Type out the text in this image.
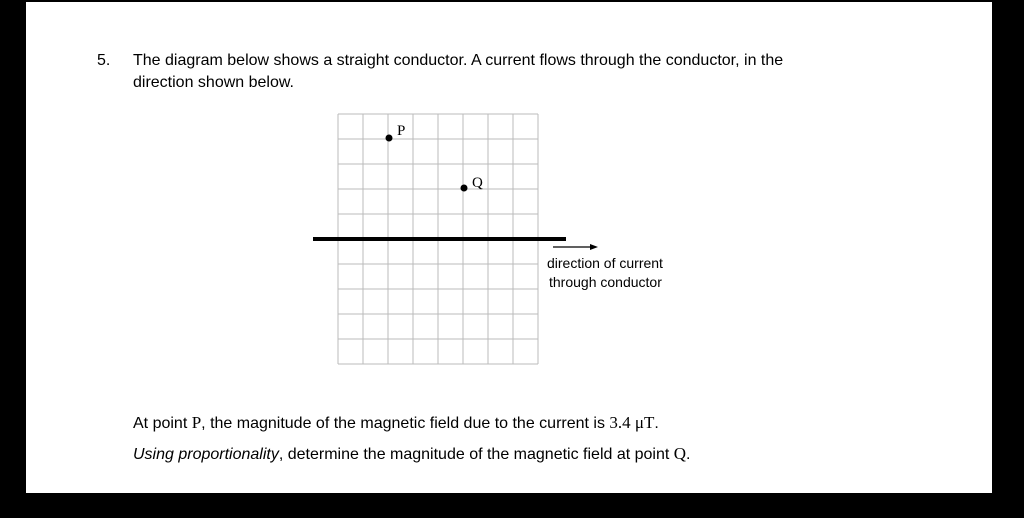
5. The diagram below shows a straight conductor. A current flows through the conductor, in the
direction shown below.
P
Q
direction of current
through conductor
At point P, the magnitude of the magnetic field due to the current is 3.4 μT.
Using proportionality, determine the magnitude of the magnetic field at point Q.
